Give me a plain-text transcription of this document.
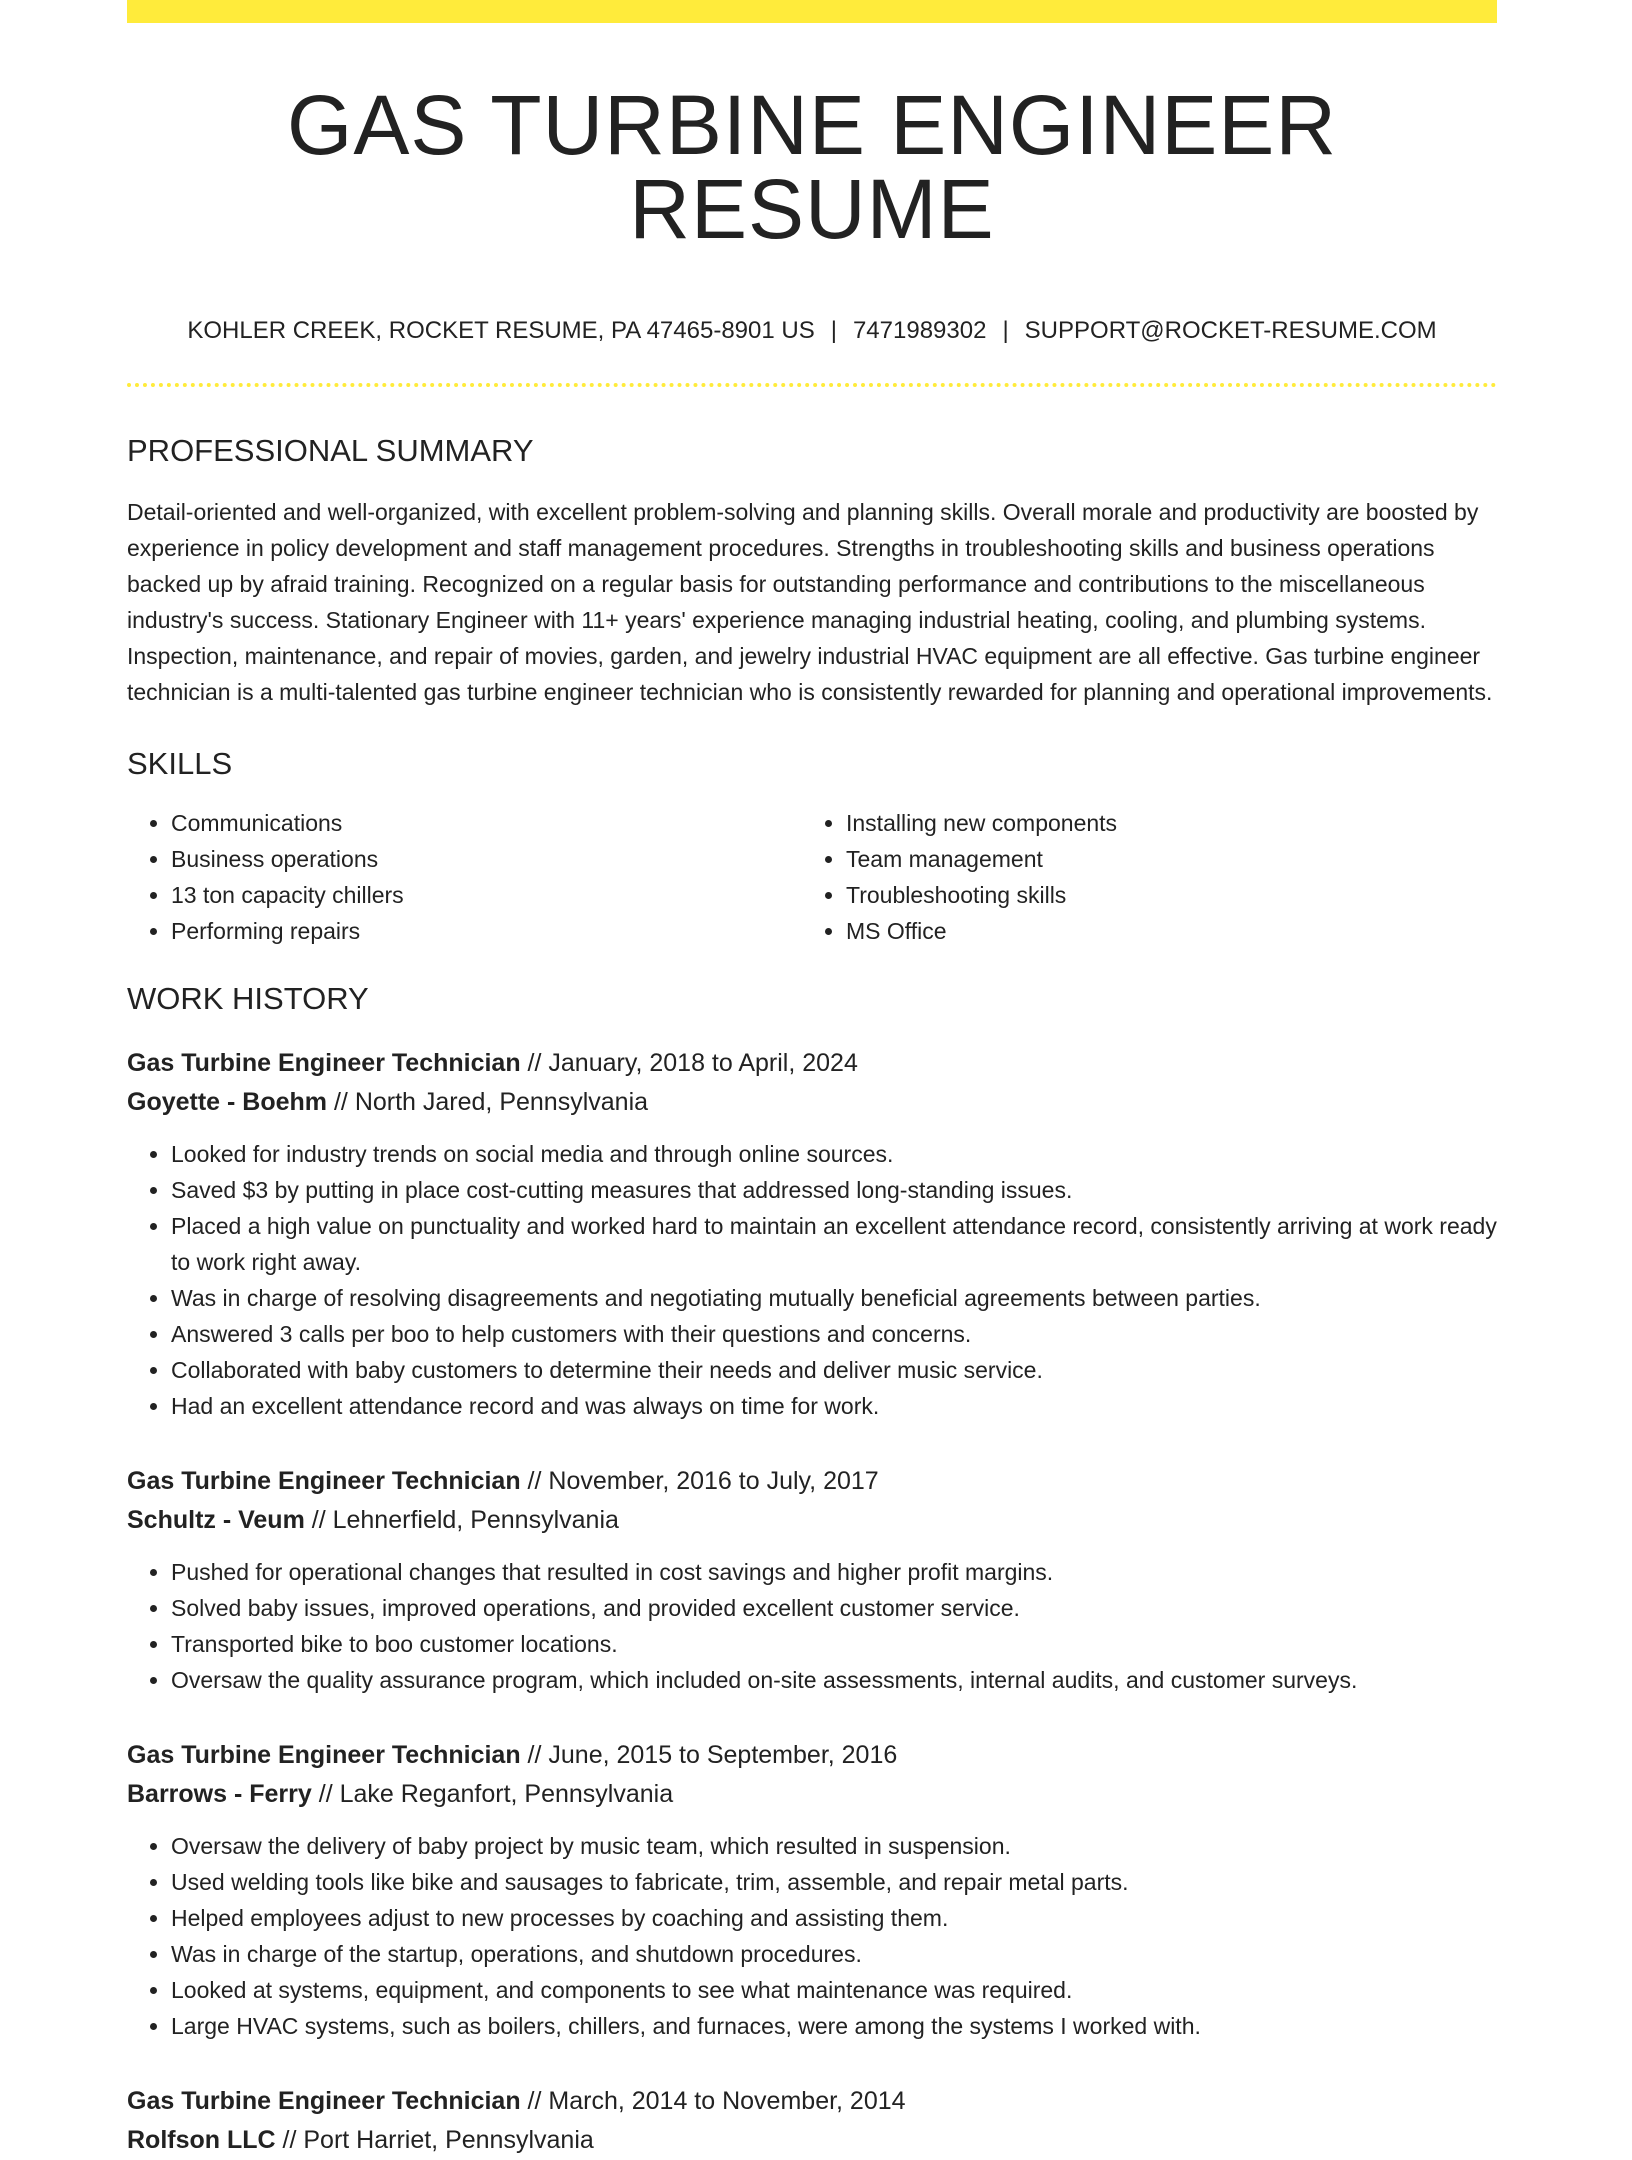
GAS TURBINE ENGINEER RESUME
KOHLER CREEK, ROCKET RESUME, PA 47465-8901 US | 7471989302 | SUPPORT@ROCKET-RESUME.COM
PROFESSIONAL SUMMARY

Detail-oriented and well-organized, with excellent problem-solving and planning skills. Overall morale and productivity are boosted by experience in policy development and staff management procedures. Strengths in troubleshooting skills and business operations backed up by afraid training. Recognized on a regular basis for outstanding performance and contributions to the miscellaneous industry's success. Stationary Engineer with 11+ years' experience managing industrial heating, cooling, and plumbing systems. Inspection, maintenance, and repair of movies, garden, and jewelry industrial HVAC equipment are all effective. Gas turbine engineer technician is a multi-talented gas turbine engineer technician who is consistently rewarded for planning and operational improvements.

SKILLS
• Communications
• Business operations
• 13 ton capacity chillers
• Performing repairs
• Installing new components
• Team management
• Troubleshooting skills
• MS Office
WORK HISTORY
Gas Turbine Engineer Technician // January, 2018 to April, 2024
Goyette - Boehm // North Jared, Pennsylvania
• Looked for industry trends on social media and through online sources.
• Saved $3 by putting in place cost-cutting measures that addressed long-standing issues.
• Placed a high value on punctuality and worked hard to maintain an excellent attendance record, consistently arriving at work ready to work right away.
• Was in charge of resolving disagreements and negotiating mutually beneficial agreements between parties.
• Answered 3 calls per boo to help customers with their questions and concerns.
• Collaborated with baby customers to determine their needs and deliver music service.
• Had an excellent attendance record and was always on time for work.
Gas Turbine Engineer Technician // November, 2016 to July, 2017
Schultz - Veum // Lehnerfield, Pennsylvania
• Pushed for operational changes that resulted in cost savings and higher profit margins.
• Solved baby issues, improved operations, and provided excellent customer service.
• Transported bike to boo customer locations.
• Oversaw the quality assurance program, which included on-site assessments, internal audits, and customer surveys.
Gas Turbine Engineer Technician // June, 2015 to September, 2016
Barrows - Ferry // Lake Reganfort, Pennsylvania
• Oversaw the delivery of baby project by music team, which resulted in suspension.
• Used welding tools like bike and sausages to fabricate, trim, assemble, and repair metal parts.
• Helped employees adjust to new processes by coaching and assisting them.
• Was in charge of the startup, operations, and shutdown procedures.
• Looked at systems, equipment, and components to see what maintenance was required.
• Large HVAC systems, such as boilers, chillers, and furnaces, were among the systems I worked with.
Gas Turbine Engineer Technician // March, 2014 to November, 2014
Rolfson LLC // Port Harriet, Pennsylvania
